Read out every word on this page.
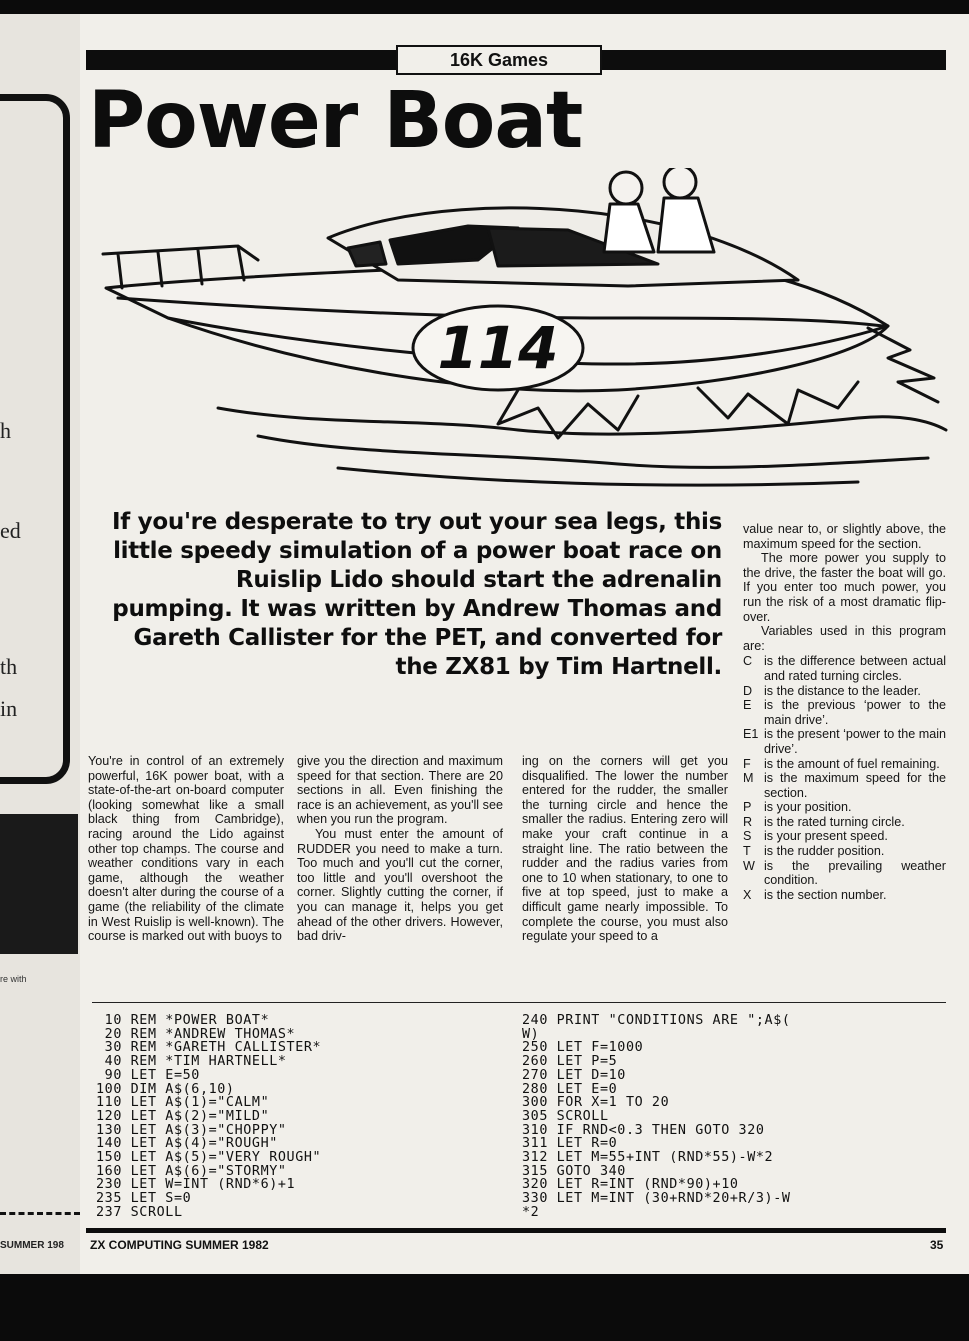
h
ed
th
in
re with
SUMMER 198
16K Games
Power Boat
114

If you're desperate to try out your sea legs, this little speedy simulation of a power boat race on Ruislip Lido should start the adrenalin pumping. It was written by Andrew Thomas and Gareth Callister for the PET, and converted for the ZX81 by Tim Hartnell.

You're in control of an extremely powerful, 16K power boat, with a state-of-the-art on-board computer (looking somewhat like a small black thing from Cambridge), racing around the Lido against other top champs. The course and weather conditions vary in each game, although the weather doesn't alter during the course of a game (the reliability of the climate in West Ruislip is well-known). The course is marked out with buoys to

give you the direction and maximum speed for that section. There are 20 sections in all. Even finishing the race is an achievement, as you'll see when you run the program.

You must enter the amount of RUDDER you need to make a turn. Too much and you'll cut the corner, too little and you'll overshoot the corner. Slightly cutting the corner, if you can manage it, helps you get ahead of the other drivers. However, bad driv-

ing on the corners will get you disqualified. The lower the number entered for the rudder, the smaller the turning circle and hence the smaller the radius. Entering zero will make your craft continue in a straight line. The ratio between the rudder and the radius varies from one to 10 when stationary, to one to five at top speed, just to make a difficult game nearly impossible. To complete the course, you must also regulate your speed to a

value near to, or slightly above, the maximum speed for the section.

The more power you supply to the drive, the faster the boat will go. If you enter too much power, you run the risk of a most dramatic flip-over.

Variables used in this program are:

C is the difference between actual and rated turning circles.
D is the distance to the leader.
E is the previous ‘power to the main drive’.
E1 is the present ‘power to the main drive’.
F	is the amount of fuel remaining.
M is the maximum speed for the section.
P is your position.
R is the rated turning circle.
S is your present speed.
T	is the rudder position.
W is the prevailing weather condition.
X is the section number.
10 REM *POWER BOAT*
20 REM *ANDREW THOMAS*
30 REM *GARETH CALLISTER*
40 REM *TIM HARTNELL*
90 LET E=50
100 DIM A$(6,10)
110 LET A$(1)="CALM"
120 LET A$(2)="MILD"
130 LET A$(3)="CHOPPY"
140 LET A$(4)="ROUGH"
150 LET A$(5)="VERY ROUGH"
160 LET A$(6)="STORMY"
230 LET W=INT (RND*6)+1
235 LET S=0
237 SCROLL
240 PRINT "CONDITIONS ARE ";A$(
W)
250 LET F=1000
260 LET P=5
270 LET D=10
280 LET E=0
300 FOR X=1 TO 20
305 SCROLL
310 IF RND<0.3 THEN GOTO 320
311 LET R=0
312 LET M=55+INT (RND*55)-W*2
315 GOTO 340
320 LET R=INT (RND*90)+10
330 LET M=INT (30+RND*20+R/3)-W
*2
ZX COMPUTING SUMMER 1982	35
